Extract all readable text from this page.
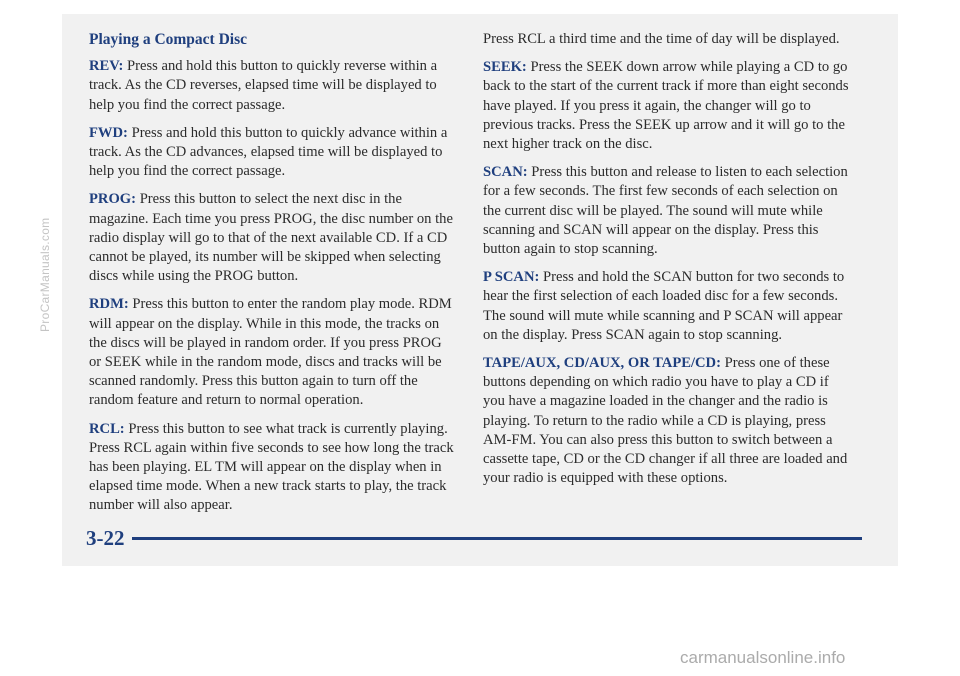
Playing a Compact Disc

REV: Press and hold this button to quickly reverse within a track. As the CD reverses, elapsed time will be displayed to help you find the correct passage.

FWD: Press and hold this button to quickly advance within a track. As the CD advances, elapsed time will be displayed to help you find the correct passage.

PROG: Press this button to select the next disc in the magazine. Each time you press PROG, the disc number on the radio display will go to that of the next available CD. If a CD cannot be played, its number will be skipped when selecting discs while using the PROG button.

RDM: Press this button to enter the random play mode. RDM will appear on the display. While in this mode, the tracks on the discs will be played in random order. If you press PROG or SEEK while in the random mode, discs and tracks will be scanned randomly. Press this button again to turn off the random feature and return to normal operation.

RCL: Press this button to see what track is currently playing. Press RCL again within five seconds to see how long the track has been playing. EL TM will appear on the display when in elapsed time mode. When a new track starts to play, the track number will also appear.

Press RCL a third time and the time of day will be displayed.

SEEK: Press the SEEK down arrow while playing a CD to go back to the start of the current track if more than eight seconds have played. If you press it again, the changer will go to previous tracks. Press the SEEK up arrow and it will go to the next higher track on the disc.

SCAN: Press this button and release to listen to each selection for a few seconds. The first few seconds of each selection on the current disc will be played. The sound will mute while scanning and SCAN will appear on the display. Press this button again to stop scanning.

P SCAN: Press and hold the SCAN button for two seconds to hear the first selection of each loaded disc for a few seconds. The sound will mute while scanning and P SCAN will appear on the display. Press SCAN again to stop scanning.

TAPE/AUX, CD/AUX, OR TAPE/CD: Press one of these buttons depending on which radio you have to play a CD if you have a magazine loaded in the changer and the radio is playing. To return to the radio while a CD is playing, press AM-FM. You can also press this button to switch between a cassette tape, CD or the CD changer if all three are loaded and your radio is equipped with these options.

3-22
ProCarManuals.com
carmanualsonline.info
